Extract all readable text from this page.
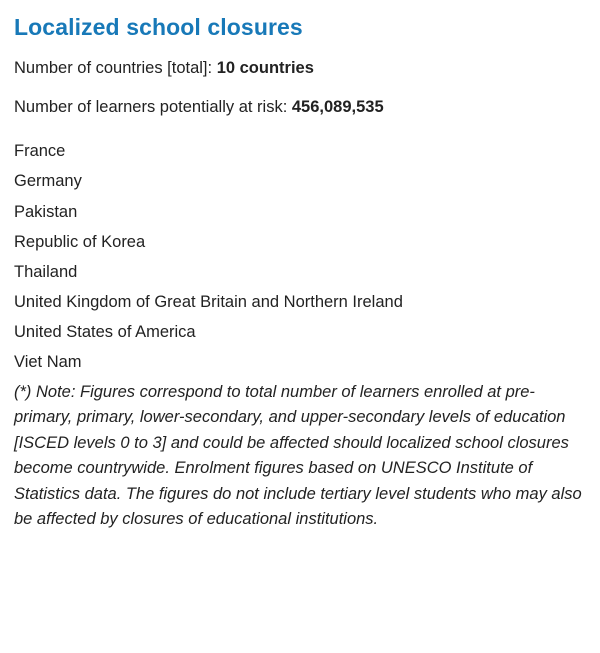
Localized school closures

Number of countries [total]: 10 countries

Number of learners potentially at risk: 456,089,535

France
Germany
Pakistan
Republic of Korea
Thailand
United Kingdom of Great Britain and Northern Ireland
United States of America
Viet Nam

(*) Note: Figures correspond to total number of learners enrolled at pre-primary, primary, lower-secondary, and upper-secondary levels of education [ISCED levels 0 to 3] and could be affected should localized school closures become countrywide. Enrolment figures based on UNESCO Institute of Statistics data. The figures do not include tertiary level students who may also be affected by closures of educational institutions.
